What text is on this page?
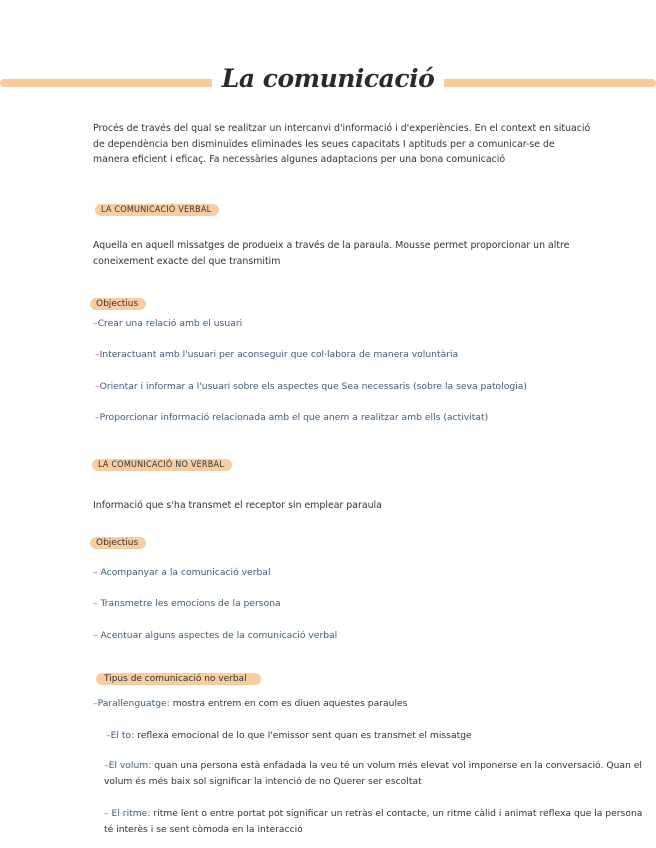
La comunicació
Procés de través del qual se realitzar un intercanvi d'informació i d'experiències. En el context en situació de dependència ben disminuïdes eliminades les seues capacitats I aptituds per a comunicar-se de manera eficient i eficaç. Fa necessàries algunes adaptacions per una bona comunicació
LA COMUNICACIÓ VERBAL
Aquella en aquell missatges de produeix a través de la paraula. Mousse permet proporcionar un altre coneixement exacte del que transmitim
Objectius
–Crear una relació amb el usuari
–Interactuant amb l'usuari per aconseguir que col·labora de manera voluntària
–Orientar i informar a l'usuari sobre els aspectes que Sea necessaris (sobre la seva patologia)
–Proporcionar informació relacionada amb el que anem a realitzar amb ells (activitat)
LA COMUNICACIÓ NO VERBAL
Informació que s'ha transmet el receptor sin emplear paraula
Objectius
– Acompanyar a la comunicació verbal
– Transmetre les emocions de la persona
– Acentuar alguns aspectes de la comunicació verbal
Tipus de comunicació no verbal
–Parallenguatge: mostra entrem en com es diuen aquestes paraules
–El to: reflexa emocional de lo que l'emissor sent quan es transmet el missatge
–El volum: quan una persona està enfadada la veu té un volum més elevat vol imponerse en la conversació. Quan el volum és més baix sol significar la intenció de no Querer ser escoltat
– El ritme: ritme lent o entre portat pot significar un retràs el contacte, un ritme càlid i animat reflexa que la persona té interès i se sent còmoda en la interacció
